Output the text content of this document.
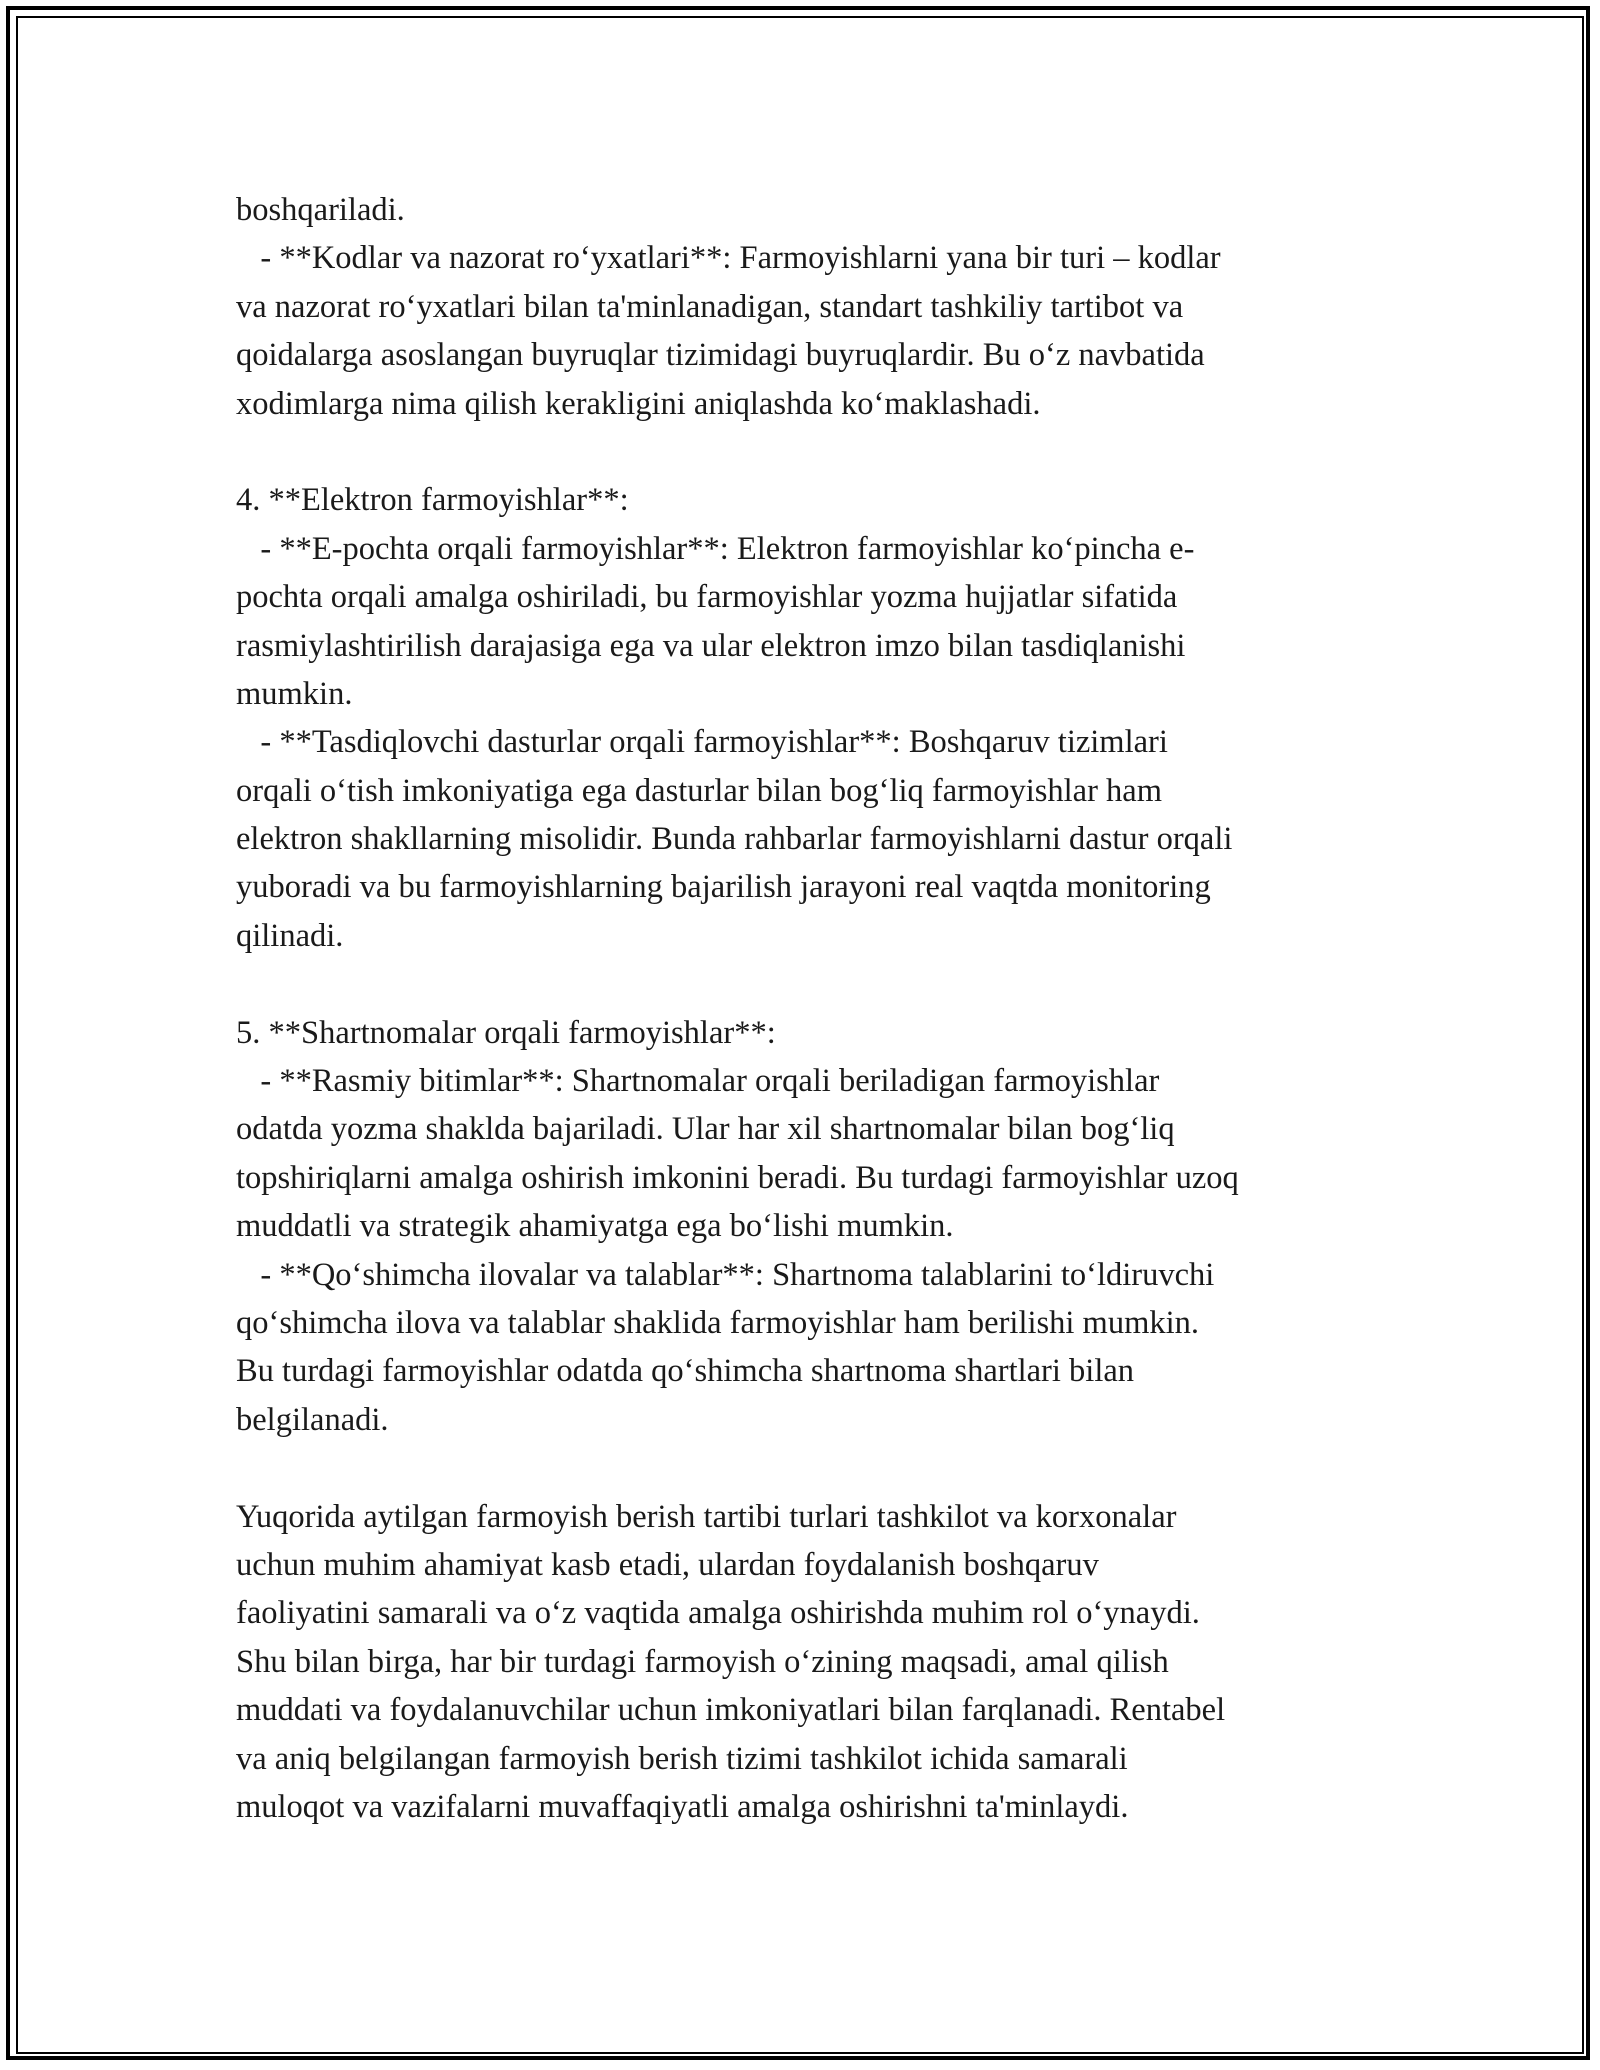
boshqariladi.
- **Kodlar va nazorat ro‘yxatlari**: Farmoyishlarni yana bir turi – kodlar
va nazorat ro‘yxatlari bilan ta'minlanadigan, standart tashkiliy tartibot va
qoidalarga asoslangan buyruqlar tizimidagi buyruqlardir. Bu o‘z navbatida
xodimlarga nima qilish kerakligini aniqlashda ko‘maklashadi.
4. **Elektron farmoyishlar**:
- **E-pochta orqali farmoyishlar**: Elektron farmoyishlar ko‘pincha e-
pochta orqali amalga oshiriladi, bu farmoyishlar yozma hujjatlar sifatida
rasmiylashtirilish darajasiga ega va ular elektron imzo bilan tasdiqlanishi
mumkin.
- **Tasdiqlovchi dasturlar orqali farmoyishlar**: Boshqaruv tizimlari
orqali o‘tish imkoniyatiga ega dasturlar bilan bog‘liq farmoyishlar ham
elektron shakllarning misolidir. Bunda rahbarlar farmoyishlarni dastur orqali
yuboradi va bu farmoyishlarning bajarilish jarayoni real vaqtda monitoring
qilinadi.
5. **Shartnomalar orqali farmoyishlar**:
- **Rasmiy bitimlar**: Shartnomalar orqali beriladigan farmoyishlar
odatda yozma shaklda bajariladi. Ular har xil shartnomalar bilan bog‘liq
topshiriqlarni amalga oshirish imkonini beradi. Bu turdagi farmoyishlar uzoq
muddatli va strategik ahamiyatga ega bo‘lishi mumkin.
- **Qo‘shimcha ilovalar va talablar**: Shartnoma talablarini to‘ldiruvchi
qo‘shimcha ilova va talablar shaklida farmoyishlar ham berilishi mumkin.
Bu turdagi farmoyishlar odatda qo‘shimcha shartnoma shartlari bilan
belgilanadi.
Yuqorida aytilgan farmoyish berish tartibi turlari tashkilot va korxonalar
uchun muhim ahamiyat kasb etadi, ulardan foydalanish boshqaruv
faoliyatini samarali va o‘z vaqtida amalga oshirishda muhim rol o‘ynaydi.
Shu bilan birga, har bir turdagi farmoyish o‘zining maqsadi, amal qilish
muddati va foydalanuvchilar uchun imkoniyatlari bilan farqlanadi. Rentabel
va aniq belgilangan farmoyish berish tizimi tashkilot ichida samarali
muloqot va vazifalarni muvaffaqiyatli amalga oshirishni ta'minlaydi.
